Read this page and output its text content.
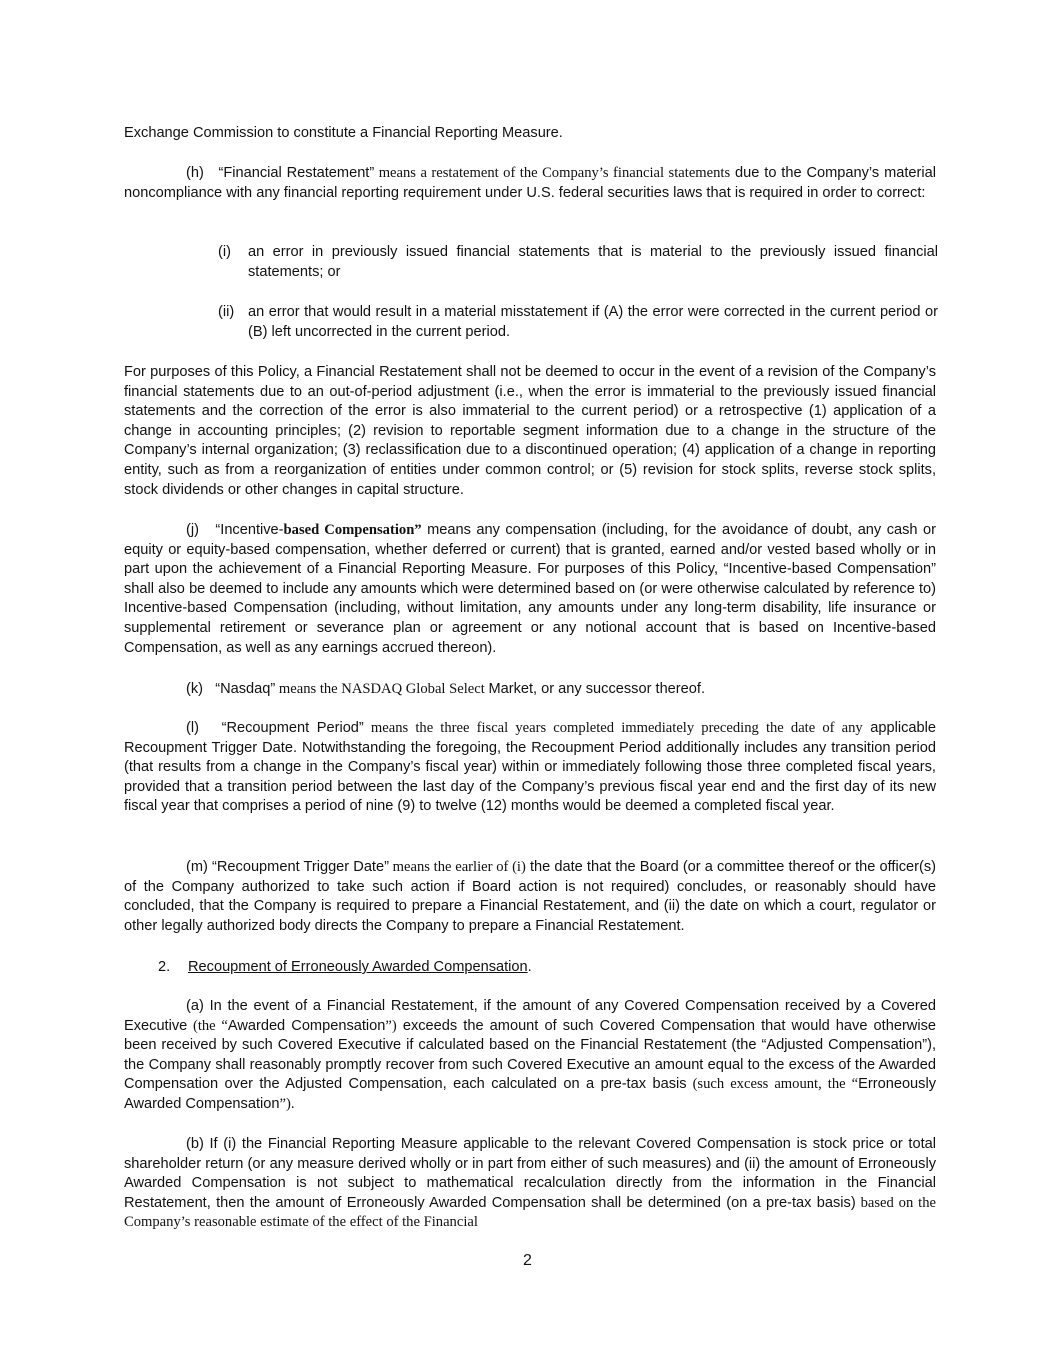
Exchange Commission to constitute a Financial Reporting Measure.

(h) “Financial Restatement” means a restatement of the Company’s financial statements due to the Company’s material noncompliance with any financial reporting requirement under U.S. federal securities laws that is required in order to correct:

(i)	an error in previously issued financial statements that is material to the previously issued financial statements; or
(ii) an error that would result in a material misstatement if (A) the error were corrected in the current period or (B) left uncorrected in the current period.

For purposes of this Policy, a Financial Restatement shall not be deemed to occur in the event of a revision of the Company’s financial statements due to an out-of-period adjustment (i.e., when the error is immaterial to the previously issued financial statements and the correction of the error is also immaterial to the current period) or a retrospective (1) application of a change in accounting principles; (2) revision to reportable segment information due to a change in the structure of the Company’s internal organization; (3) reclassification due to a discontinued operation; (4) application of a change in reporting entity, such as from a reorganization of entities under common control; or (5) revision for stock splits, reverse stock splits, stock dividends or other changes in capital structure.

(j) “Incentive-based Compensation” means any compensation (including, for the avoidance of doubt, any cash or equity or equity-based compensation, whether deferred or current) that is granted, earned and/or vested based wholly or in part upon the achievement of a Financial Reporting Measure. For purposes of this Policy, “Incentive-based Compensation” shall also be deemed to include any amounts which were determined based on (or were otherwise calculated by reference to) Incentive-based Compensation (including, without limitation, any amounts under any long-term disability, life insurance or supplemental retirement or severance plan or agreement or any notional account that is based on Incentive-based Compensation, as well as any earnings accrued thereon).

(k) “Nasdaq” means the NASDAQ Global Select Market, or any successor thereof.

(l) “Recoupment Period” means the three fiscal years completed immediately preceding the date of any applicable Recoupment Trigger Date. Notwithstanding the foregoing, the Recoupment Period additionally includes any transition period (that results from a change in the Company’s fiscal year) within or immediately following those three completed fiscal years, provided that a transition period between the last day of the Company’s previous fiscal year end and the first day of its new fiscal year that comprises a period of nine (9) to twelve (12) months would be deemed a completed fiscal year.

(m) “Recoupment Trigger Date” means the earlier of (i) the date that the Board (or a committee thereof or the officer(s) of the Company authorized to take such action if Board action is not required) concludes, or reasonably should have concluded, that the Company is required to prepare a Financial Restatement, and (ii) the date on which a court, regulator or other legally authorized body directs the Company to prepare a Financial Restatement.

2. Recoupment of Erroneously Awarded Compensation.

(a) In the event of a Financial Restatement, if the amount of any Covered Compensation received by a Covered Executive (the “Awarded Compensation”) exceeds the amount of such Covered Compensation that would have otherwise been received by such Covered Executive if calculated based on the Financial Restatement (the “Adjusted Compensation”), the Company shall reasonably promptly recover from such Covered Executive an amount equal to the excess of the Awarded Compensation over the Adjusted Compensation, each calculated on a pre-tax basis (such excess amount, the “Erroneously Awarded Compensation”).

(b) If (i) the Financial Reporting Measure applicable to the relevant Covered Compensation is stock price or total shareholder return (or any measure derived wholly or in part from either of such measures) and (ii) the amount of Erroneously Awarded Compensation is not subject to mathematical recalculation directly from the information in the Financial Restatement, then the amount of Erroneously Awarded Compensation shall be determined (on a pre-tax basis) based on the Company’s reasonable estimate of the effect of the Financial

2
